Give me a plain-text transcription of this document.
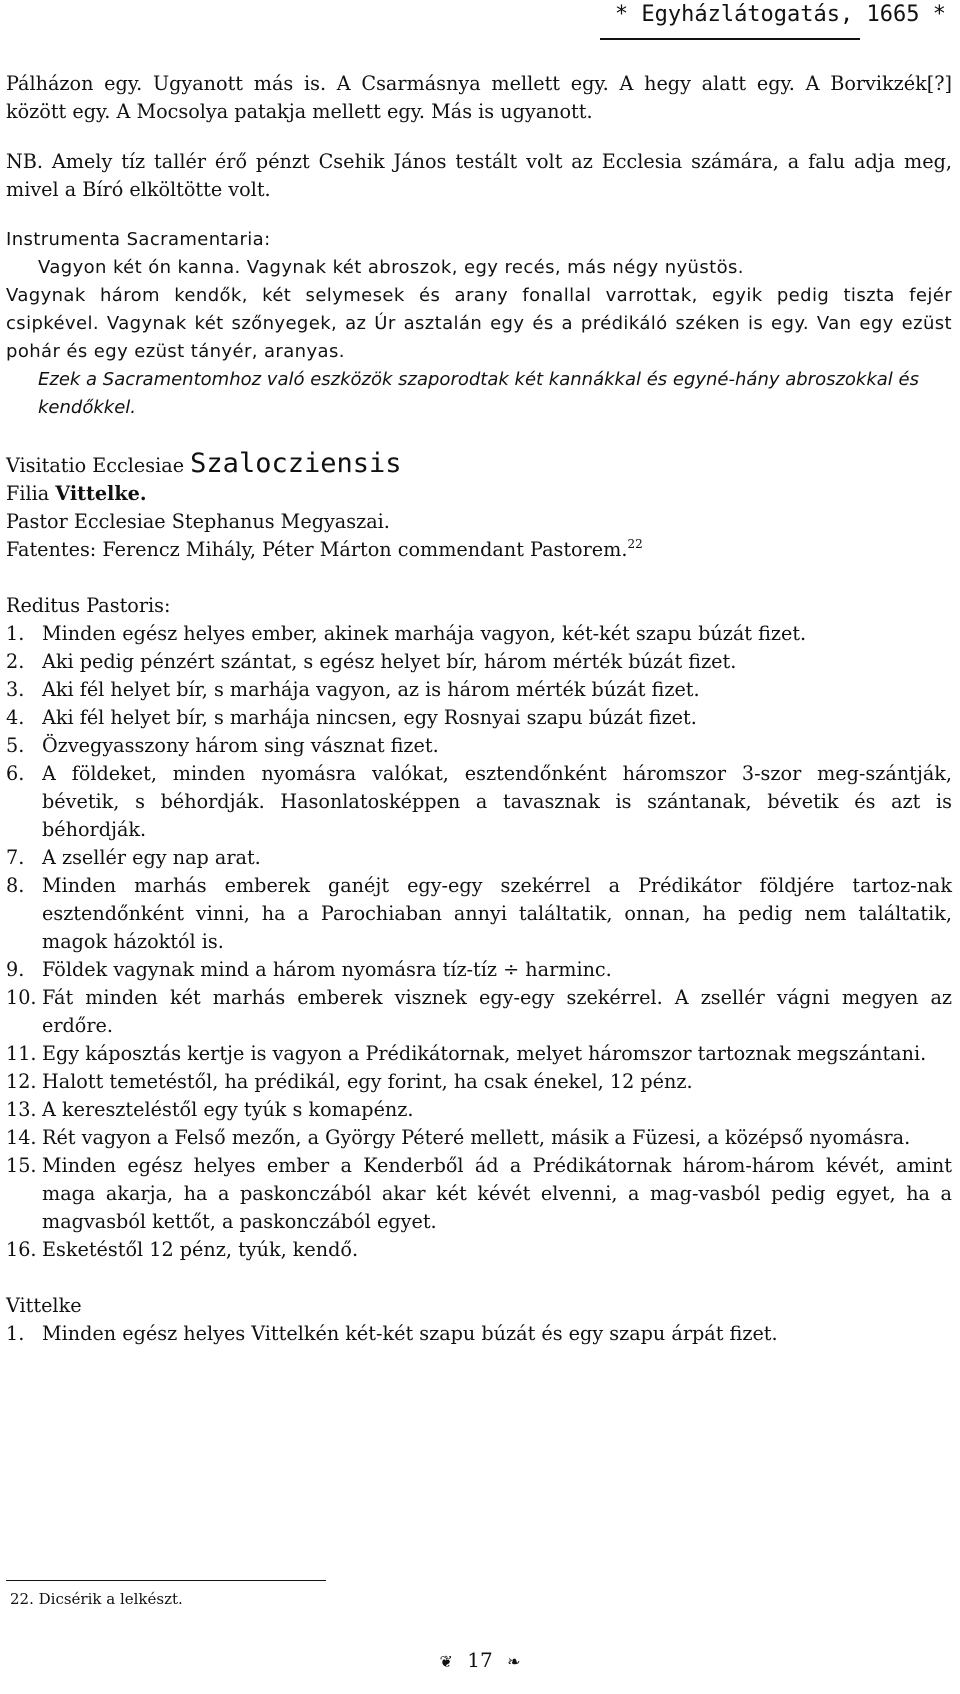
* Egyházlátogatás, 1665 *

Pálházon egy. Ugyanott más is. A Csarmásnya mellett egy. A hegy alatt egy. A Borvikzék[?] között egy. A Mocsolya patakja mellett egy. Más is ugyanott.

NB. Amely tíz tallér érő pénzt Csehik János testált volt az Ecclesia számára, a falu adja meg, mivel a Bíró elköltötte volt.

Instrumenta Sacramentaria:

Vagyon két ón kanna. Vagynak két abroszok, egy recés, más négy nyüstös.

Vagynak három kendők, két selymesek és arany fonallal varrottak, egyik pedig tiszta fejér csipkével. Vagynak két szőnyegek, az Úr asztalán egy és a prédikáló széken is egy. Van egy ezüst pohár és egy ezüst tányér, aranyas.

Ezek a Sacramentomhoz való eszközök szaporodtak két kannákkal és egyné-hány abroszokkal és kendőkkel.

Visitatio Ecclesiae Szalocziensis

Filia Vittelke.

Pastor Ecclesiae Stephanus Megyaszai.

Fatentes: Ferencz Mihály, Péter Márton commendant Pastorem.$^{22}$

Reditus Pastoris:

1. Minden egész helyes ember, akinek marhája vagyon, két-két szapu búzát fizet.
2. Aki pedig pénzért szántat, s egész helyet bír, három mérték búzát fizet.
3. Aki fél helyet bír, s marhája vagyon, az is három mérték búzát fizet.
4. Aki fél helyet bír, s marhája nincsen, egy Rosnyai szapu búzát fizet.
5. Özvegyasszony három sing vásznat fizet.
6. A földeket, minden nyomásra valókat, esztendőnként háromszor 3-szor meg-szántják, bévetik, s béhordják. Hasonlatosképpen a tavasznak is szántanak, bévetik és azt is béhordják.
7. A zsellér egy nap arat.
8. Minden marhás emberek ganéjt egy-egy szekérrel a Prédikátor földjére tartoz-nak esztendőnként vinni, ha a Parochiaban annyi találtatik, onnan, ha pedig nem találtatik, magok házoktól is.
9. Földek vagynak mind a három nyomásra tíz-tíz ÷ harminc.
10. Fát minden két marhás emberek visznek egy-egy szekérrel. A zsellér vágni megyen az erdőre.
11. Egy káposztás kertje is vagyon a Prédikátornak, melyet háromszor tartoznak megszántani.
12. Halott temetéstől, ha prédikál, egy forint, ha csak énekel, 12 pénz.
13. A kereszteléstől egy tyúk s komapénz.
14. Rét vagyon a Felső mezőn, a György Péteré mellett, másik a Füzesi, a középső nyomásra.
15. Minden egész helyes ember a Kenderből ád a Prédikátornak három-három kévét, amint maga akarja, ha a paskonczából akar két kévét elvenni, a mag-vasból pedig egyet, ha a magvasból kettőt, a paskonczából egyet.
16. Esketéstől 12 pénz, tyúk, kendő.

Vittelke

1. Minden egész helyes Vittelkén két-két szapu búzát és egy szapu árpát fizet.
22. Dicsérik a lelkészt.
❦ 17 ❧
